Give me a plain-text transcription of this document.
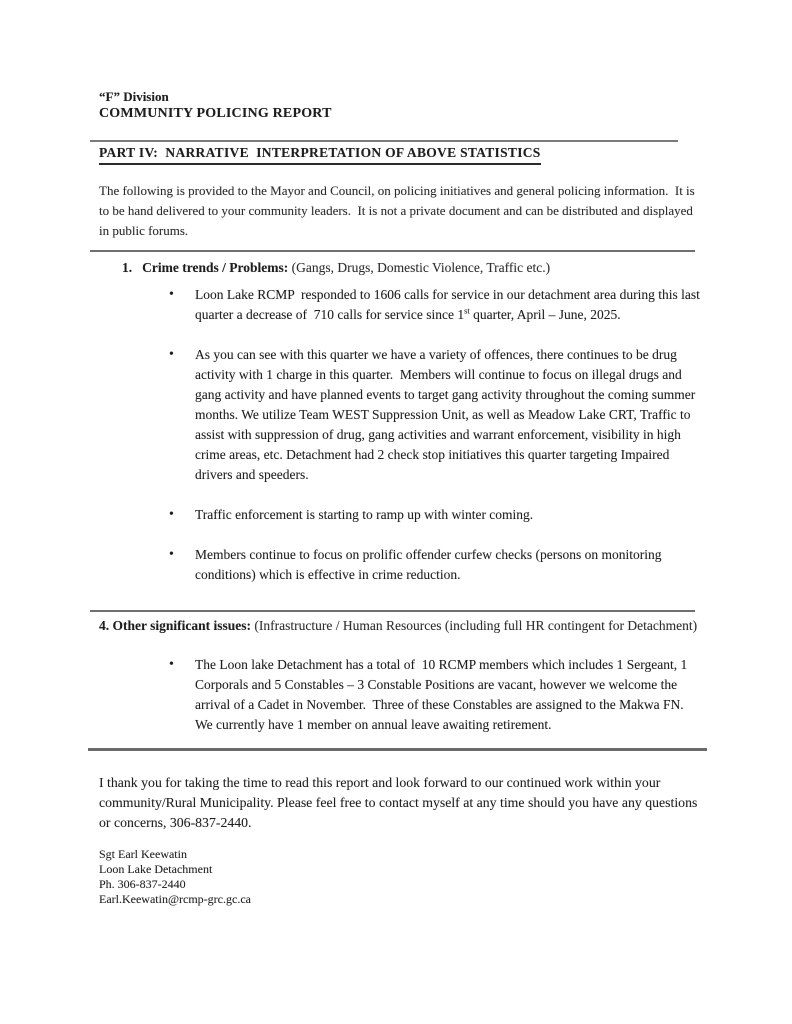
“F” Division
COMMUNITY POLICING REPORT
PART IV:  NARRATIVE  INTERPRETATION OF ABOVE STATISTICS

The following is provided to the Mayor and Council, on policing initiatives and general policing information.  It is to be hand delivered to your community leaders.  It is not a private document and can be distributed and displayed in public forums.

1. Crime trends / Problems: (Gangs, Drugs, Domestic Violence, Traffic etc.)
• Loon Lake RCMP  responded to 1606 calls for service in our detachment area during this last quarter a decrease of  710 calls for service since 1st quarter, April – June, 2025.
• As you can see with this quarter we have a variety of offences, there continues to be drug activity with 1 charge in this quarter.  Members will continue to focus on illegal drugs and gang activity and have planned events to target gang activity throughout the coming summer months. We utilize Team WEST Suppression Unit, as well as Meadow Lake CRT, Traffic to assist with suppression of drug, gang activities and warrant enforcement, visibility in high crime areas, etc. Detachment had 2 check stop initiatives this quarter targeting Impaired drivers and speeders.
• Traffic enforcement is starting to ramp up with winter coming.
• Members continue to focus on prolific offender curfew checks (persons on monitoring conditions) which is effective in crime reduction.
4. Other significant issues: (Infrastructure / Human Resources (including full HR contingent for Detachment)
• The Loon lake Detachment has a total of  10 RCMP members which includes 1 Sergeant, 1 Corporals and 5 Constables – 3 Constable Positions are vacant, however we welcome the arrival of a Cadet in November.  Three of these Constables are assigned to the Makwa FN.   We currently have 1 member on annual leave awaiting retirement.

I thank you for taking the time to read this report and look forward to our continued work within your community/Rural Municipality. Please feel free to contact myself at any time should you have any questions or concerns, 306-837-2440.

Sgt Earl Keewatin
Loon Lake Detachment
Ph. 306-837-2440
Earl.Keewatin@rcmp-grc.gc.ca
